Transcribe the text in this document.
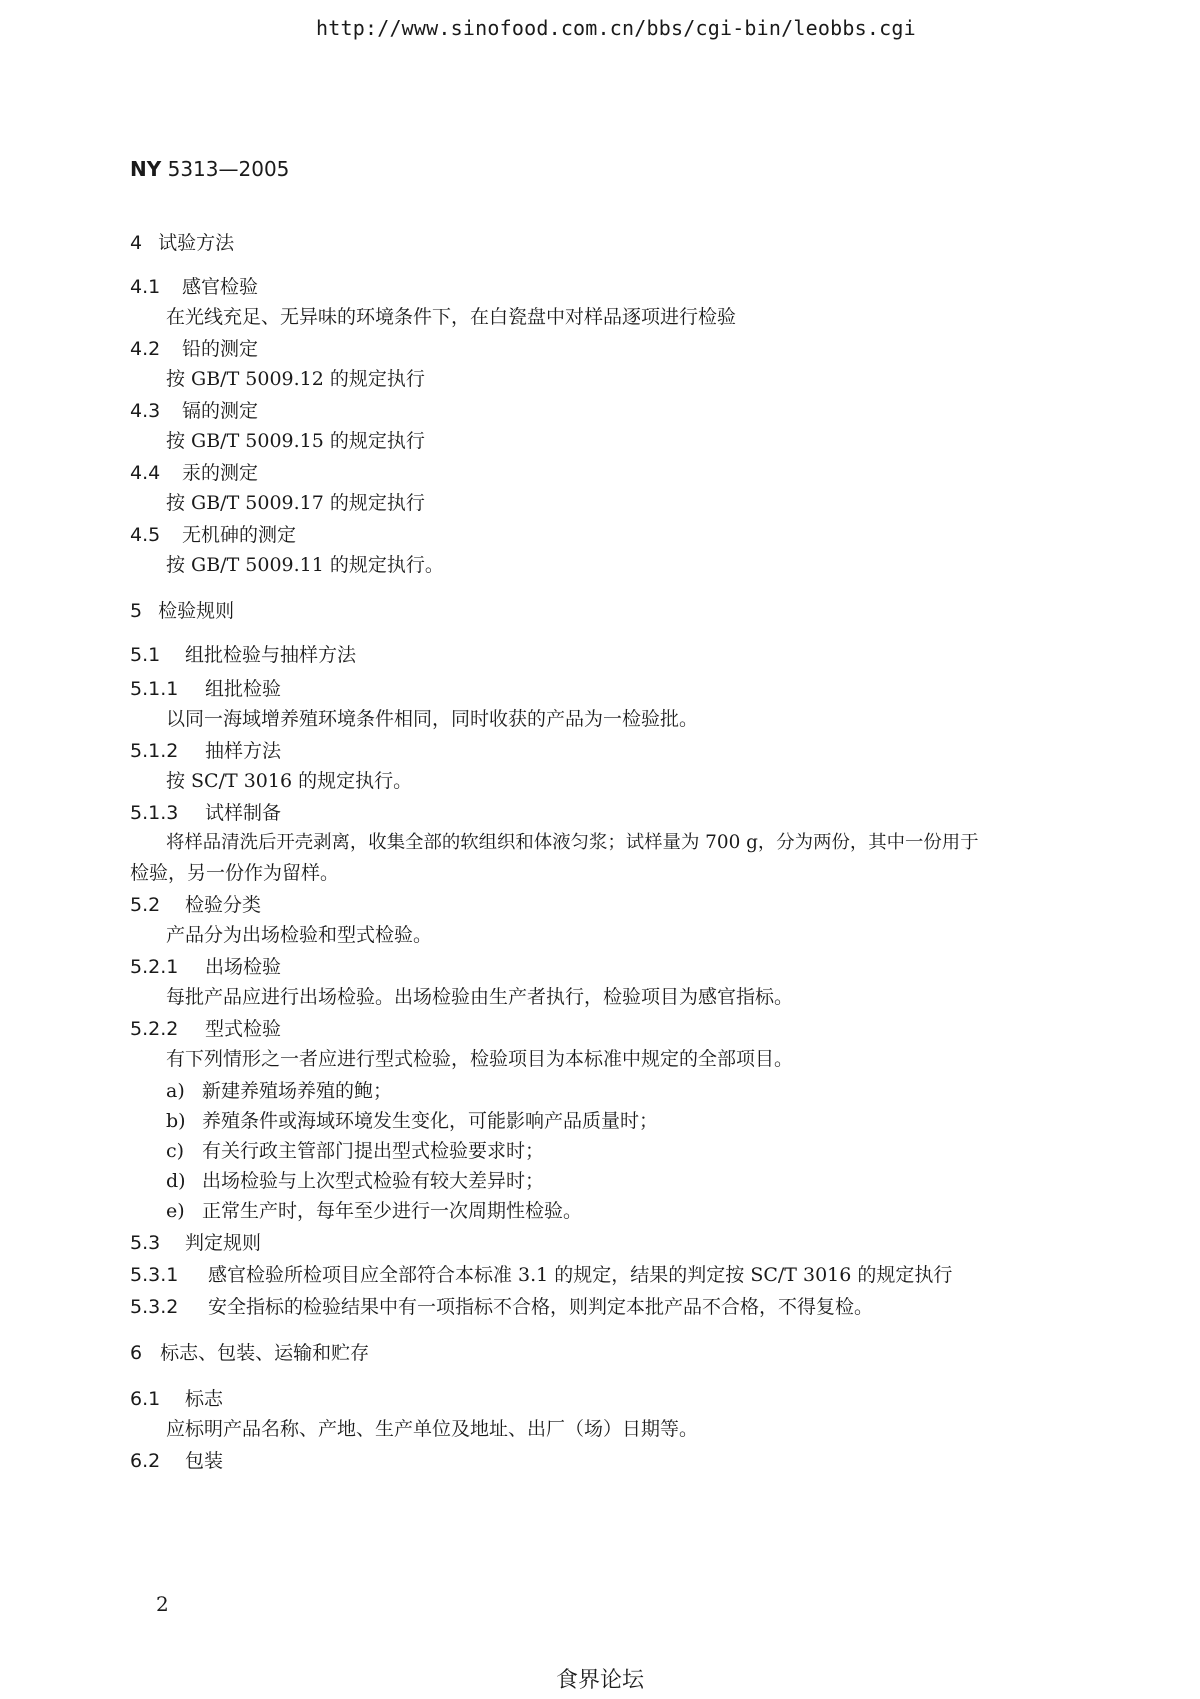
http://www.sinofood.com.cn/bbs/cgi-bin/leobbs.cgi
NY 5313—2005
4 试验方法
4.1 感官检验
在光线充足、无异味的环境条件下，在白瓷盘中对样品逐项进行检验
4.2 铅的测定
按 GB/T 5009.12 的规定执行
4.3 镉的测定
按 GB/T 5009.15 的规定执行
4.4 汞的测定
按 GB/T 5009.17 的规定执行
4.5 无机砷的测定
按 GB/T 5009.11 的规定执行。
5 检验规则
5.1 组批检验与抽样方法
5.1.1 组批检验
以同一海域增养殖环境条件相同，同时收获的产品为一检验批。
5.1.2 抽样方法
按 SC/T 3016 的规定执行。
5.1.3 试样制备
将样品清洗后开壳剥离，收集全部的软组织和体液匀浆；试样量为 700 g，分为两份，其中一份用于
检验，另一份作为留样。
5.2 检验分类
产品分为出场检验和型式检验。
5.2.1 出场检验
每批产品应进行出场检验。出场检验由生产者执行，检验项目为感官指标。
5.2.2 型式检验
有下列情形之一者应进行型式检验，检验项目为本标准中规定的全部项目。
a) 新建养殖场养殖的鲍；
b) 养殖条件或海域环境发生变化，可能影响产品质量时；
c) 有关行政主管部门提出型式检验要求时；
d) 出场检验与上次型式检验有较大差异时；
e) 正常生产时，每年至少进行一次周期性检验。
5.3 判定规则
5.3.1 感官检验所检项目应全部符合本标准 3.1 的规定，结果的判定按 SC/T 3016 的规定执行
5.3.2 安全指标的检验结果中有一项指标不合格，则判定本批产品不合格，不得复检。
6 标志、包装、运输和贮存
6.1 标志
应标明产品名称、产地、生产单位及地址、出厂（场）日期等。
6.2 包装
2
食界论坛
